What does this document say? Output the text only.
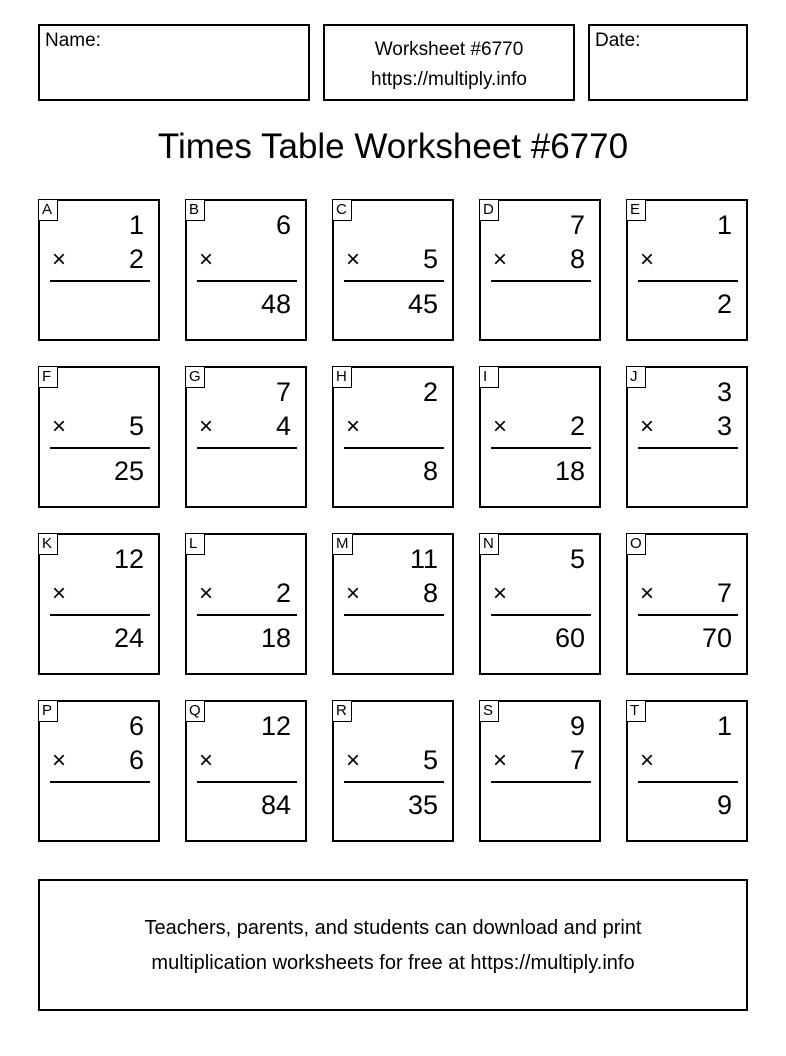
Name:	Worksheet #6770
https://multiply.info
Date:
Times Table Worksheet #6770
A
1
× 2
B
6
×
48
C
× 5
45
D
7
× 8
E
1
×
2
F
× 5
25
G
7
× 4
H
2
×
8
I
× 2
18
J
3
× 3
K
12
×
24
L
× 2
18
M
11
× 8
N
5
×
60
O
× 7
70
P
6
× 6
Q
12
×
84
R
× 5
35
S
9
× 7
T
1
×
9
Teachers, parents, and students can download and print
multiplication worksheets for free at https://multiply.info
